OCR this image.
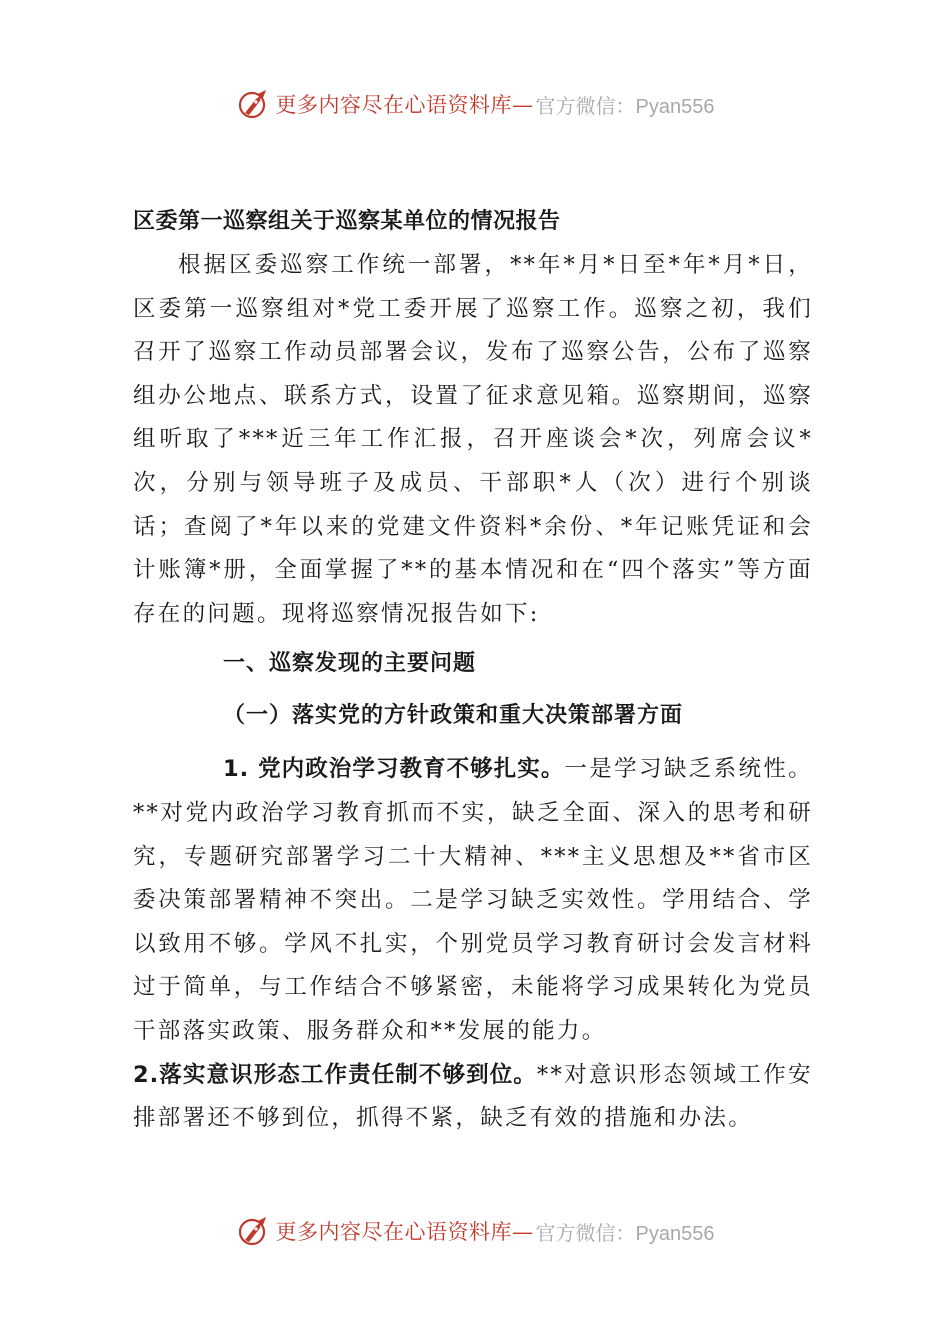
更多内容尽在心语资料库— 官方微信：Pyan556
区委第一巡察组关于巡察某单位的情况报告

根据区委巡察工作统一部署，**年*月*日至*年*月*日，区委第一巡察组对*党工委开展了巡察工作。巡察之初，我们召开了巡察工作动员部署会议，发布了巡察公告，公布了巡察组办公地点、联系方式，设置了征求意见箱。巡察期间，巡察组听取了***近三年工作汇报，召开座谈会*次，列席会议*次，分别与领导班子及成员、干部职*人（次）进行个别谈话；查阅了*年以来的党建文件资料*余份、*年记账凭证和会计账簿*册，全面掌握了**的基本情况和在“四个落实”等方面存在的问题。现将巡察情况报告如下:

一、巡察发现的主要问题
（一）落实党的方针政策和重大决策部署方面

1. 党内政治学习教育不够扎实。一是学习缺乏系统性。**对党内政治学习教育抓而不实，缺乏全面、深入的思考和研究，专题研究部署学习二十大精神、***主义思想及**省市区委决策部署精神不突出。二是学习缺乏实效性。学用结合、学以致用不够。学风不扎实，个别党员学习教育研讨会发言材料过于简单，与工作结合不够紧密，未能将学习成果转化为党员干部落实政策、服务群众和**发展的能力。

2.落实意识形态工作责任制不够到位。**对意识形态领域工作安排部署还不够到位，抓得不紧，缺乏有效的措施和办法。

更多内容尽在心语资料库— 官方微信：Pyan556
